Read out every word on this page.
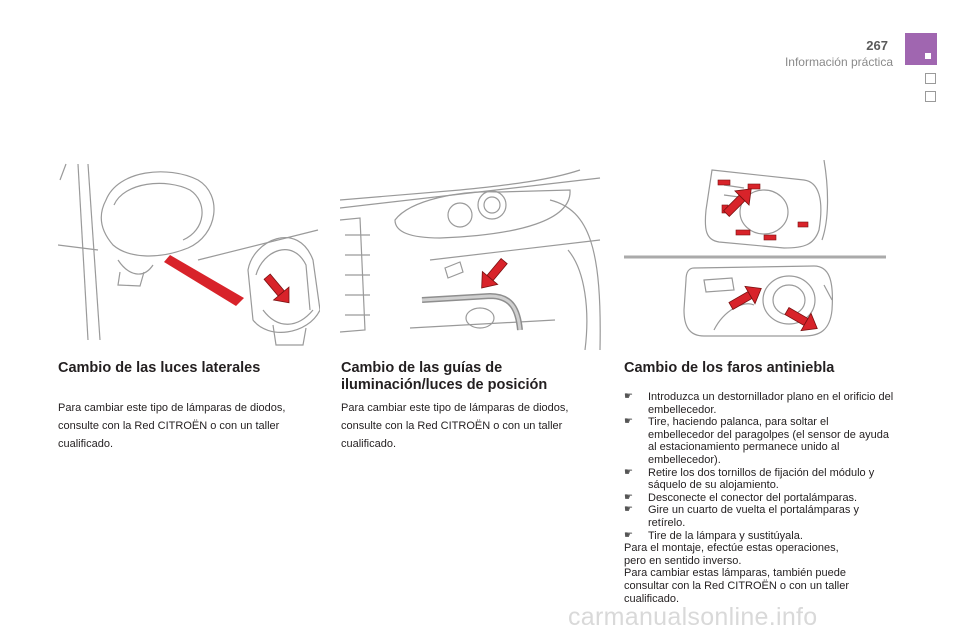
267
Información práctica
Cambio de las luces laterales
Para cambiar este tipo de lámparas de diodos, consulte con la Red CITROËN o con un taller cualificado.
Cambio de las guías de
iluminación/luces de posición
Para cambiar este tipo de lámparas de diodos, consulte con la Red CITROËN o con un taller cualificado.
Cambio de los faros antiniebla
☛ Introduzca un destornillador plano en el orificio del embellecedor.
☛ Tire, haciendo palanca, para soltar el embellecedor del paragolpes (el sensor de ayuda al estacionamiento permanece unido al embellecedor).
☛ Retire los dos tornillos de fijación del módulo y sáquelo de su alojamiento.
☛ Desconecte el conector del portalámparas.
☛ Gire un cuarto de vuelta el portalámparas y retírelo.
☛ Tire de la lámpara y sustitúyala.
Para el montaje, efectúe estas operaciones,
pero en sentido inverso.
Para cambiar estas lámparas, también puede
consultar con la Red CITROËN o con un taller
cualificado.
carmanualsonline.info
